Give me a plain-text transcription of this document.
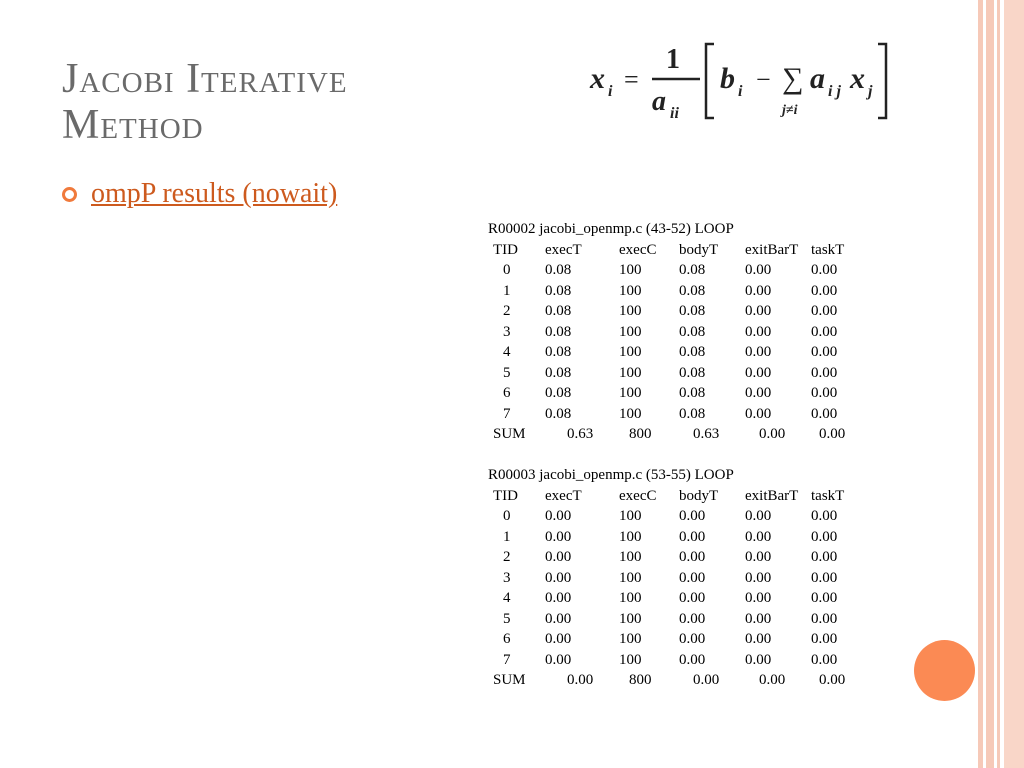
Jacobi Iterative
Method
x i =
1
a ii
b i − ∑
j≠i
a i j x j
ompP results (nowait)
R00002 jacobi_openmp.c (43-52) LOOP
TID	execT	execC	bodyT	exitBarT	taskT
0	0.08	100	0.08	0.00	0.00
1	0.08	100	0.08	0.00	0.00
2	0.08	100	0.08	0.00	0.00
3	0.08	100	0.08	0.00	0.00
4	0.08	100	0.08	0.00	0.00
5	0.08	100	0.08	0.00	0.00
6	0.08	100	0.08	0.00	0.00
7	0.08	100	0.08	0.00	0.00
SUM	0.63	800	0.63	0.00	0.00
R00003 jacobi_openmp.c (53-55) LOOP
TID	execT	execC	bodyT	exitBarT	taskT
0	0.00	100	0.00	0.00	0.00
1	0.00	100	0.00	0.00	0.00
2	0.00	100	0.00	0.00	0.00
3	0.00	100	0.00	0.00	0.00
4	0.00	100	0.00	0.00	0.00
5	0.00	100	0.00	0.00	0.00
6	0.00	100	0.00	0.00	0.00
7	0.00	100	0.00	0.00	0.00
SUM	0.00	800	0.00	0.00	0.00
